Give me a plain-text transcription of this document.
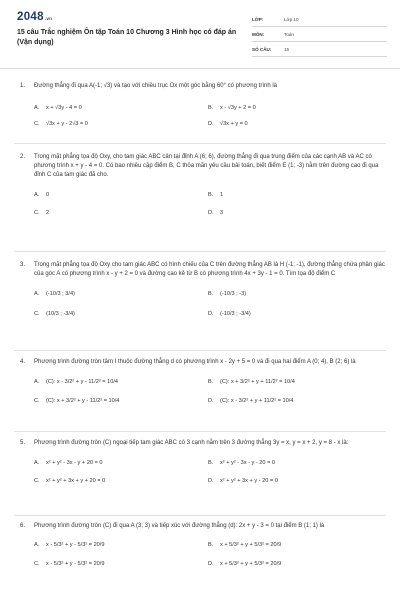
2048.vn
15 câu Trắc nghiệm Ôn tập Toán 10 Chương 3 Hình học có đáp án (Vận dụng)
LỚP:	Lớp 10
MÔN:	Toán
SỐ CÂU:	15
1.	Đường thẳng đi qua A(-1; √3) và tạo với chiều trục Ox một góc bằng 60° có phương trình là
A.	x + √3y - 4 = 0	B.	x - √3y + 2 = 0
C.	√3x + y - 2√3 = 0	D.	√3x + y = 0
2.	Trong mặt phẳng tọa độ Oxy, cho tam giác ABC cân tại đỉnh A (6; 6), đường thẳng đi qua trung điểm của các cạnh AB và AC có phương trình x + y - 4 = 0. Có bao nhiêu cặp điểm B, C thỏa mãn yêu cầu bài toán, biết điểm E (1; -3) nằm trên đường cao đi qua đỉnh C của tam giác đã cho.
A.	0	B.	1
C.	2	D.	3
3.	Trong mặt phẳng tọa độ Oxy cho tam giác ABC có hình chiếu của C trên đường thẳng AB là H (-1; -1), đường thẳng chứa phân giác của góc A có phương trình x - y + 2 = 0 và đường cao kẻ từ B có phương trình 4x + 3y - 1 = 0. Tìm tọa độ điểm C
A.	(-10/3 ; 3/4)	B.	(-10/3 ; -3)
C.	(10/3 ; -3/4)	D.	(-10/3 ; -3/4)
4.	Phương trình đường tròn tâm I thuộc đường thẳng d có phương trình x - 2y + 5 = 0 và đi qua hai điểm A (0; 4), B (2; 6) là
A.	(C): x - 3/2² + y - 11/2² = 10/4	B.	(C): x + 3/2² + y + 11/2² = 10/4
C.	(C): x + 3/2² + y - 11/2² = 10/4	D.	(C): x - 3/2² + y + 11/2² = 10/4
5.	Phương trình đường tròn (C) ngoại tiếp tam giác ABC có 3 cạnh nằm trên 3 đường thẳng 3y = x, y = x + 2, y = 8 - x là:
A.	x² + y² - 3x - y + 20 = 0	B.	x² + y² - 3x - y - 20 = 0
C.	x² + y² + 3x + y + 20 = 0	D.	x² + y² + 3x + y - 20 = 0
6.	Phương trình đường tròn (C) đi qua A (3; 3) và tiếp xúc với đường thẳng (d): 2x + y - 3 = 0 tại điểm B (1; 1) là
A.	x - 5/3² + y - 5/3² = 20/9	B.	x + 5/3² + y + 5/3² = 20/9
C.	x - 5/3² + y - 5/3² = 20/9	D.	x + 5/3² + y + 5/3² = 20/9
